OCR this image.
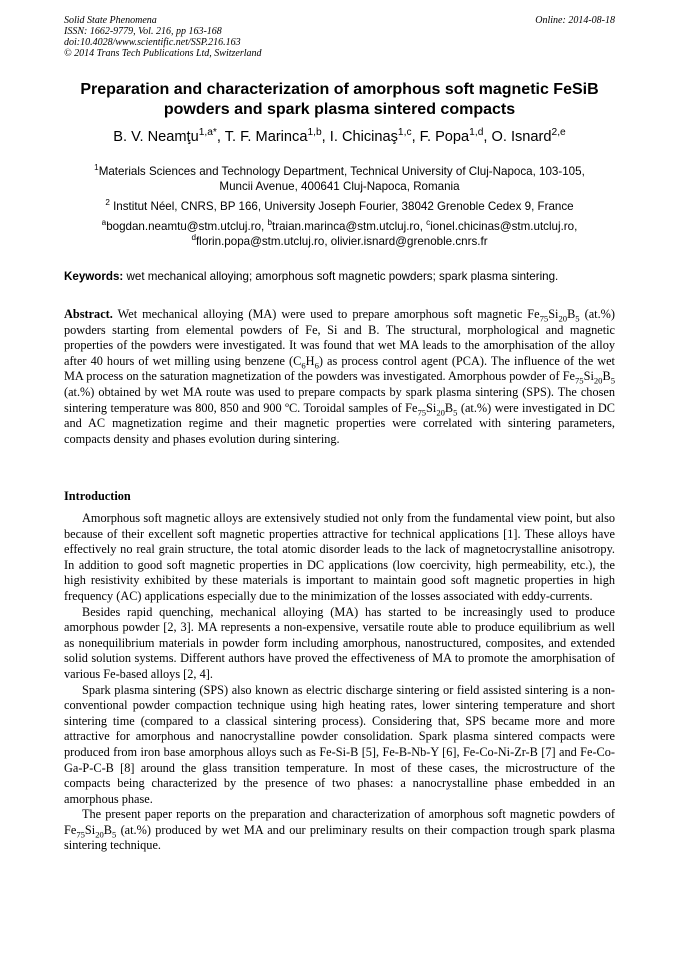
Solid State Phenomena
ISSN: 1662-9779, Vol. 216, pp 163-168
doi:10.4028/www.scientific.net/SSP.216.163
© 2014 Trans Tech Publications Ltd, Switzerland
Online: 2014-08-18
Preparation and characterization of amorphous soft magnetic FeSiB
powders and spark plasma sintered compacts
B. V. Neamţu$^{1,a*}$, T. F. Marinca$^{1,b}$, I. Chicinaş$^{1,c}$, F. Popa$^{1,d}$, O. Isnard$^{2,e}$
$^1$Materials Sciences and Technology Department, Technical University of Cluj-Napoca, 103-105,
Muncii Avenue, 400641 Cluj-Napoca, Romania
$^2$ Institut Néel, CNRS, BP 166, University Joseph Fourier, 38042 Grenoble Cedex 9, France
$^a$bogdan.neamtu@stm.utcluj.ro, $^b$traian.marinca@stm.utcluj.ro, $^c$ionel.chicinas@stm.utcluj.ro,
$^d$florin.popa@stm.utcluj.ro, olivier.isnard@grenoble.cnrs.fr
Keywords: wet mechanical alloying; amorphous soft magnetic powders; spark plasma sintering.
Abstract. Wet mechanical alloying (MA) were used to prepare amorphous soft magnetic $Fe_{75}Si_{20}B_5$ (at.%) powders starting from elemental powders of Fe, Si and B. The structural, morphological and magnetic properties of the powders were investigated. It was found that wet MA leads to the amorphisation of the alloy after 40 hours of wet milling using benzene $(C_6H_6)$ as process control agent (PCA). The influence of the wet MA process on the saturation magnetization of the powders was investigated. Amorphous powder of $Fe_{75}Si_{20}B_5$ (at.%) obtained by wet MA route was used to prepare compacts by spark plasma sintering (SPS). The chosen sintering temperature was 800, 850 and 900 ºC. Toroidal samples of $Fe_{75}Si_{20}B_5$ (at.%) were investigated in DC and AC magnetization regime and their magnetic properties were correlated with sintering parameters, compacts density and phases evolution during sintering.
Introduction

Amorphous soft magnetic alloys are extensively studied not only from the fundamental view point, but also because of their excellent soft magnetic properties attractive for technical applications [1]. These alloys have effectively no real grain structure, the total atomic disorder leads to the lack of magnetocrystalline anisotropy. In addition to good soft magnetic properties in DC applications (low coercivity, high permeability, etc.), the high resistivity exhibited by these materials is important to maintain good soft magnetic properties in high frequency (AC) applications especially due to the minimization of the losses associated with eddy-currents.

Besides rapid quenching, mechanical alloying (MA) has started to be increasingly used to produce amorphous powder [2, 3]. MA represents a non-expensive, versatile route able to produce equilibrium as well as nonequilibrium materials in powder form including amorphous, nanostructured, composites, and extended solid solution systems. Different authors have proved the effectiveness of MA to promote the amorphisation of various Fe-based alloys [2, 4].

Spark plasma sintering (SPS) also known as electric discharge sintering or field assisted sintering is a non-conventional powder compaction technique using high heating rates, lower sintering temperature and short sintering time (compared to a classical sintering process). Considering that, SPS became more and more attractive for amorphous and nanocrystalline powder consolidation. Spark plasma sintered compacts were produced from iron base amorphous alloys such as Fe-Si-B [5], Fe-B-Nb-Y [6], Fe-Co-Ni-Zr-B [7] and Fe-Co-Ga-P-C-B [8] around the glass transition temperature. In most of these cases, the microstructure of the compacts being characterized by the presence of two phases: a nanocrystalline phase embedded in an amorphous phase.

The present paper reports on the preparation and characterization of amorphous soft magnetic powders of $Fe_{75}Si_{20}B_5$ (at.%) produced by wet MA and our preliminary results on their compaction trough spark plasma sintering technique.
